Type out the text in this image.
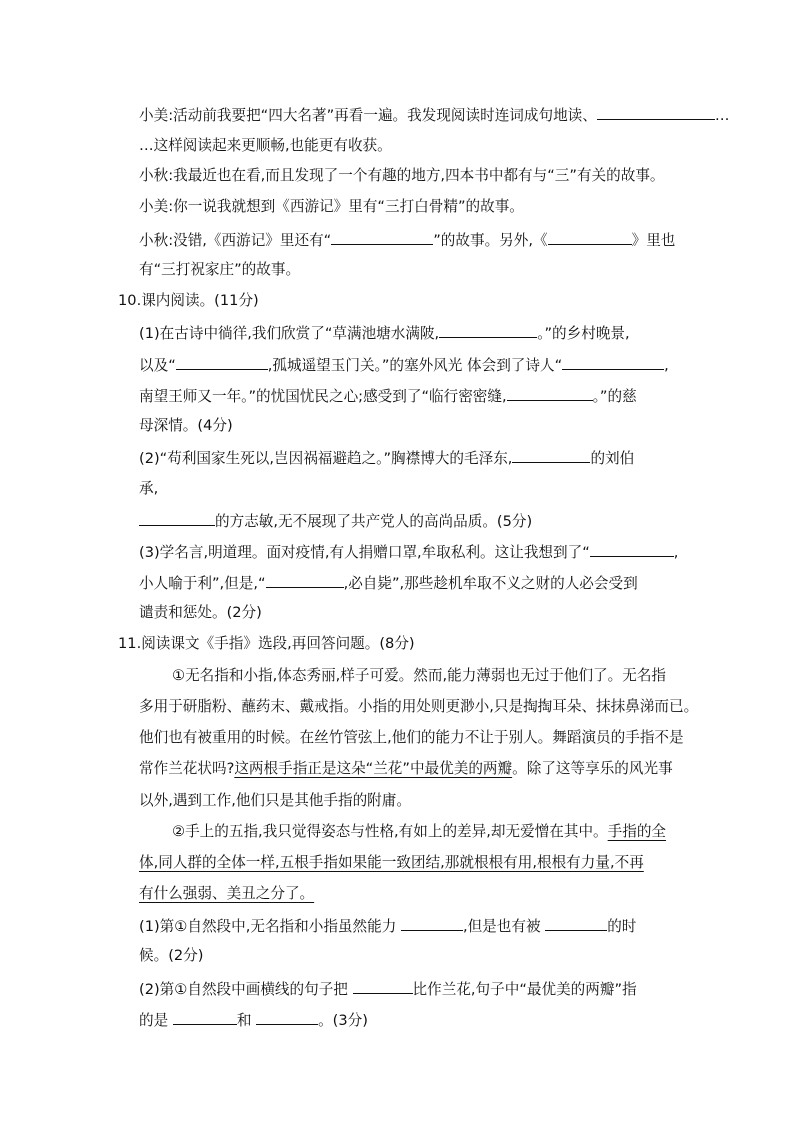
小美:活动前我要把“四大名著”再看一遍。我发现阅读时连词成句地读、	…
…这样阅读起来更顺畅,也能更有收获。
小秋:我最近也在看,而且发现了一个有趣的地方,四本书中都有与“三”有关的故事。
小美:你一说我就想到《西游记》里有“三打白骨精”的故事。
小秋:没错,《西游记》里还有“	”的故事。另外,《	》里也
有“三打祝家庄”的故事。
10.课内阅读。(11分)
(1)在古诗中徜徉,我们欣赏了“草满池塘水满陂,	。”的乡村晚景,
以及“	,孤城遥望玉门关。”的塞外风光 体会到了诗人“	,
南望王师又一年。”的忧国忧民之心;感受到了“临行密密缝,	。”的慈
母深情。(4分)
(2)“苟利国家生死以,岂因祸福避趋之。”胸襟博大的毛泽东,	的刘伯
承,
的方志敏,无不展现了共产党人的高尚品质。(5分)
(3)学名言,明道理。面对疫情,有人捐赠口罩,牟取私利。这让我想到了“	,
小人喻于利”,但是,“	,必自毙”,那些趁机牟取不义之财的人必会受到
谴责和惩处。(2分)
11.阅读课文《手指》选段,再回答问题。(8分)
①无名指和小指,体态秀丽,样子可爱。然而,能力薄弱也无过于他们了。无名指
多用于研脂粉、蘸药末、戴戒指。小指的用处则更渺小,只是掏掏耳朵、抹抹鼻涕而已。
他们也有被重用的时候。在丝竹管弦上,他们的能力不让于别人。舞蹈演员的手指不是
常作兰花状吗?这两根手指正是这朵“兰花”中最优美的两瓣。除了这等享乐的风光事
以外,遇到工作,他们只是其他手指的附庸。
②手上的五指,我只觉得姿态与性格,有如上的差异,却无爱憎在其中。手指的全
体,同人群的全体一样,五根手指如果能一致团结,那就根根有用,根根有力量,不再
有什么强弱、美丑之分了。
(1)第①自然段中,无名指和小指虽然能力	,但是也有被	的时
候。(2分)
(2)第①自然段中画横线的句子把	比作兰花,句子中“最优美的两瓣”指
的是	和	。(3分)
